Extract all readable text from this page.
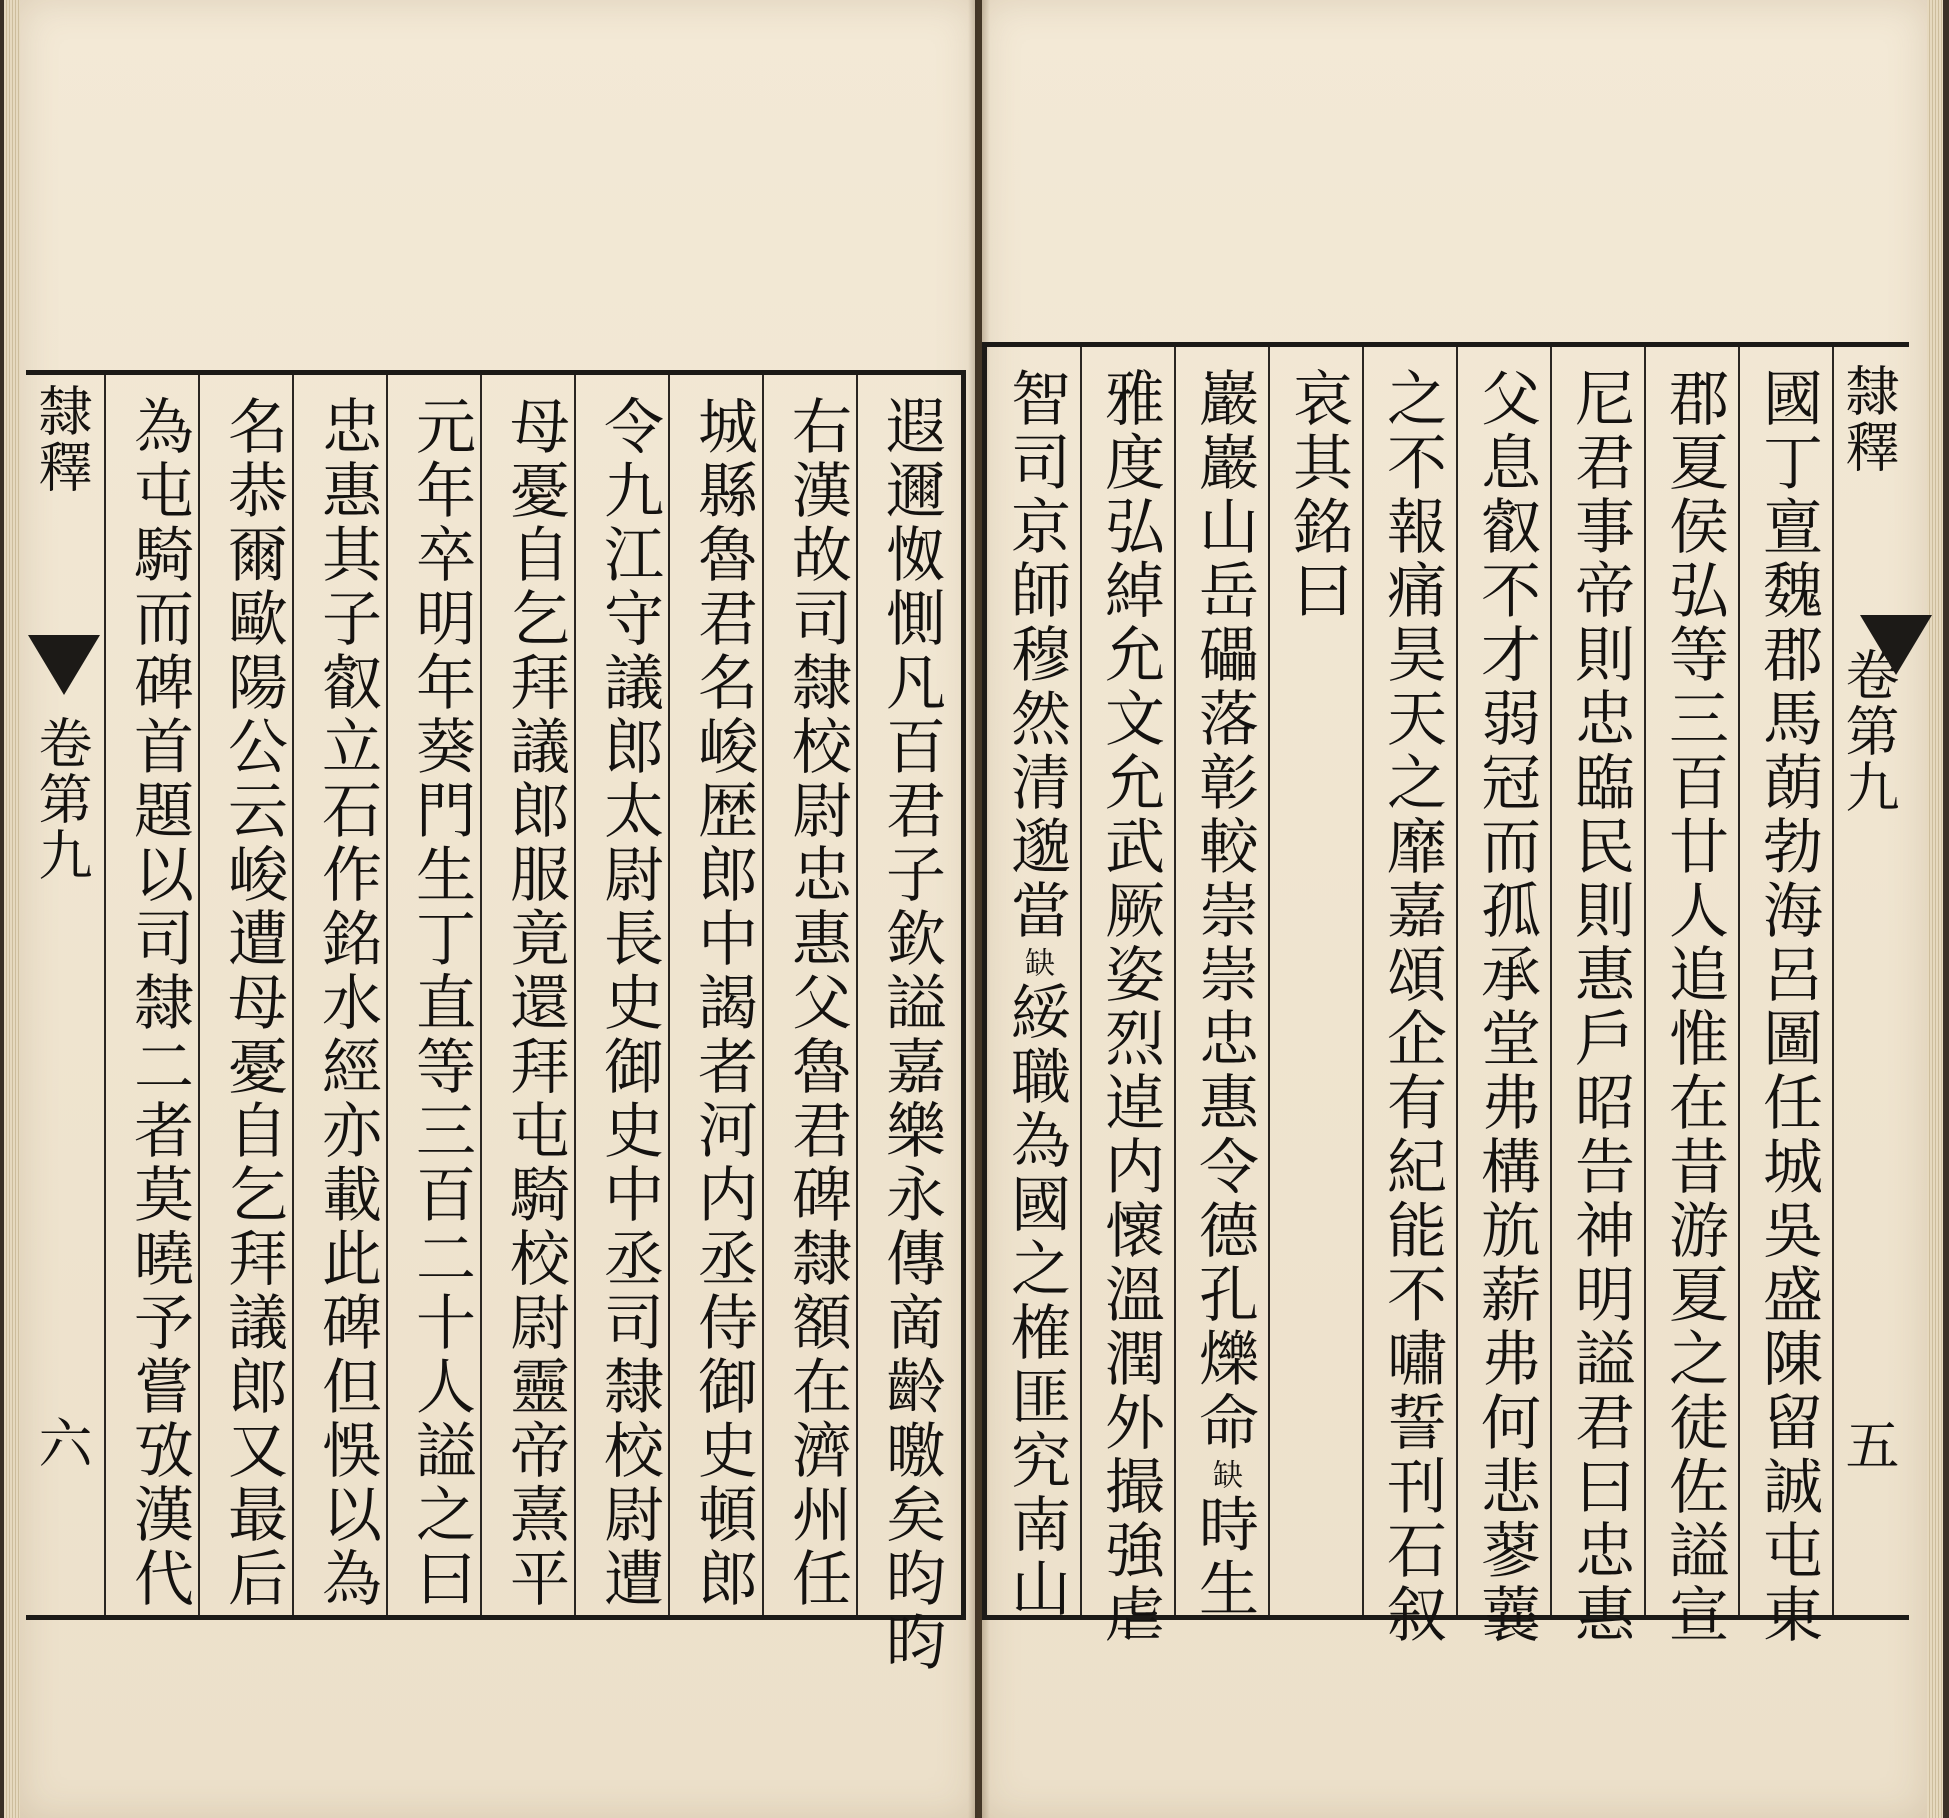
隸釋
卷第九
六	遐邇怓惻凡百君子欽謚嘉樂永傳啇齡曒矣昀昀
右漢故司隸校尉忠惠父魯君碑隸額在濟州任
城縣魯君名峻歴郎中謁者河内丞侍御史頓郎
令九江守議郎太尉長史御史中丞司隸校尉遭
母憂自乞拜議郎服竟還拜屯騎校尉靈帝熹平
元年卒明年葵門生丁直等三百二十人謚之曰
忠惠其子叡立石作銘水經亦載此碑但悞以為
名恭爾歐陽公云峻遭母憂自乞拜議郎又最后
為屯騎而碑首題以司隸二者莫曉予嘗攷漢代	隸釋
卷第九
五
國丁亶魏郡馬蓢勃海呂圖任城吳盛陳留誠屯東
郡夏侯弘等三百廿人追惟在昔游夏之徒佐謚宣
尼君事帝則忠臨民則惠戶昭告神明謚君曰忠惠
父息叡不才弱冠而孤承堂弗構斻薪弗何悲蓼蘘
之不報痛昊天之靡嘉頌企有紀能不嘯誓刊石叙
哀其銘曰
巖巖山岳礧落彰較崇崇忠惠令德孔爍命缺時生
雅度弘綽允文允武厥姿烈逴内懷溫潤外撮強虐
智司京師穆然清邈當缺綏職為國之榷匪究南山
